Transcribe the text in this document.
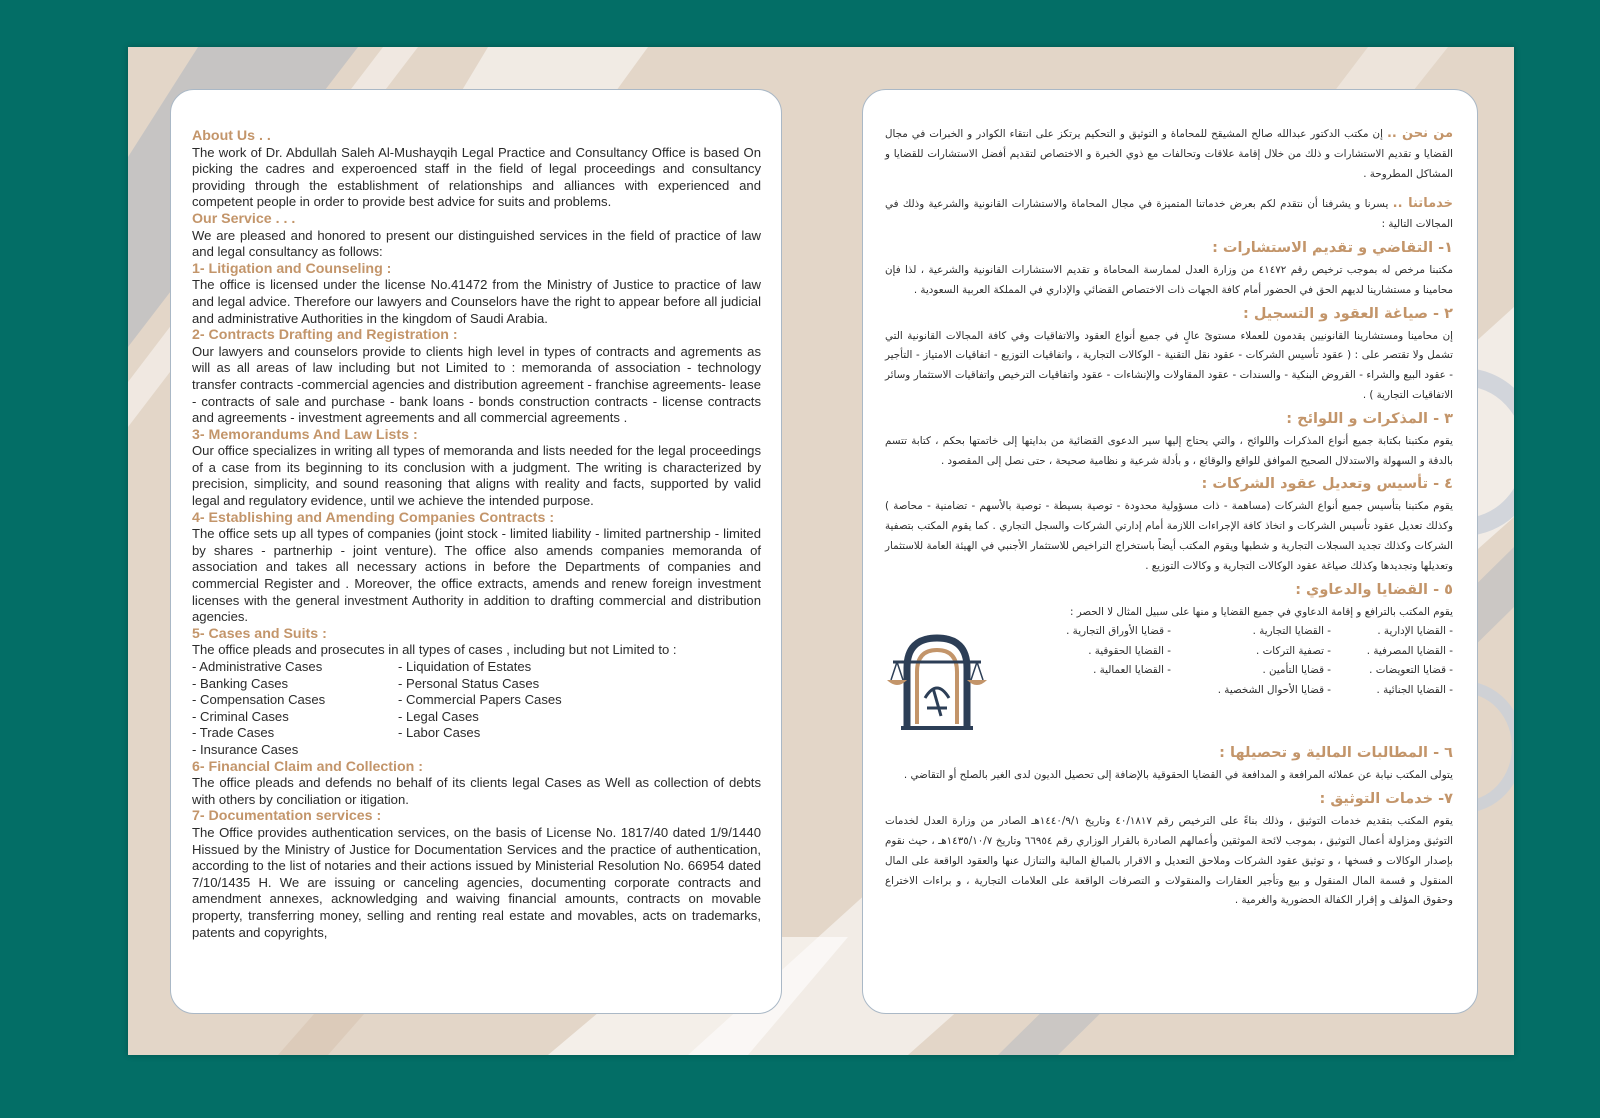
About Us . .
The work of Dr. Abdullah Saleh Al-Mushayqih Legal Practice and Consultancy Office is based On picking the cadres and experoenced staff in the field of legal proceedings and consultancy providing through the establishment of relationships and alliances with experienced and competent people in order to provide best advice for suits and problems.
Our Service . . .
We are pleased and honored to present our distinguished services in the field of practice of law and legal consultancy as follows:
1- Litigation and Counseling :
The office is licensed under the license No.41472 from the Ministry of Justice to practice of law and legal advice. Therefore our lawyers and Counselors have the right to appear before all judicial and administrative Authorities in the kingdom of Saudi Arabia.
2- Contracts Drafting and Registration :
Our lawyers and counselors provide to clients high level in types of contracts and agrements as will as all areas of law including but not Limited to : memoranda of association - technology transfer contracts -commercial agencies and distribution agreement - franchise agreements- lease - contracts of sale and purchase - bank loans - bonds construction contracts - license contracts and agreements - investment agreements and all commercial agreements .
3- Memorandums And Law Lists :
Our office specializes in writing all types of memoranda and lists needed for the legal proceedings of a case from its beginning to its conclusion with a judgment. The writing is characterized by precision, simplicity, and sound reasoning that aligns with reality and facts, supported by valid legal and regulatory evidence, until we achieve the intended purpose.
4- Establishing and Amending Companies Contracts :
The office sets up all types of companies (joint stock - limited liability - limited partnership - limited by shares - partnerhip - joint venture). The office also amends companies memoranda of association and takes all necessary actions in before the Departments of companies and commercial Register and . Moreover, the office extracts, amends and renew foreign investment licenses with the general investment Authority in addition to drafting commercial and distribution agencies.
5- Cases and Suits :
The office pleads and prosecutes in all types of cases , including but not Limited to :
- Administrative Cases
- Banking Cases
- Compensation Cases
- Criminal Cases
- Trade Cases
- Insurance Cases
- Liquidation of Estates
- Personal Status Cases
- Commercial Papers Cases
- Legal Cases
- Labor Cases
6- Financial Claim and Collection :
The office pleads and defends no behalf of its clients legal Cases as Well as collection of debts with others by conciliation or itigation.
7- Documentation services :
The Office provides authentication services, on the basis of License No. 1817/40 dated 1/9/1440 Hissued by the Ministry of Justice for Documentation Services and the practice of authentication, according to the list of notaries and their actions issued by Ministerial Resolution No. 66954 dated 7/10/1435 H. We are issuing or canceling agencies, documenting corporate contracts and amendment annexes, acknowledging and waiving financial amounts, contracts on movable property, transferring money, selling and renting real estate and movables, acts on trademarks, patents and copyrights,
من نحن .. إن مكتب الدكتور عبدالله صالح المشيقح للمحاماة و التوثيق و التحكيم يرتكز على انتقاء الكوادر و الخبرات في مجال القضايا و تقديم الاستشارات و ذلك من خلال إقامة علاقات وتحالفات مع ذوي الخبرة و الاختصاص لتقديم أفضل الاستشارات للقضايا و المشاكل المطروحة .
خدماتنا .. يسرنا و يشرفنا أن نتقدم لكم بعرض خدماتنا المتميزة في مجال المحاماة والاستشارات القانونية والشرعية وذلك في المجالات التالية :
١- التقاضي و تقديم الاستشارات :
مكتبنا مرخص له بموجب ترخيص رقم ٤١٤٧٢ من وزارة العدل لممارسة المحاماة و تقديم الاستشارات القانونية والشرعية ، لذا فإن محامينا و مستشارينا لديهم الحق في الحضور أمام كافة الجهات ذات الاختصاص القضائي والإداري في المملكة العربية السعودية .
٢ - صياغة العقود و التسجيل :
إن محامينا ومستشارينا القانونيين يقدمون للعملاء مستوىً عالٍ في جميع أنواع العقود والاتفاقيات وفي كافة المجالات القانونية التي تشمل ولا تقتصر على : ( عقود تأسيس الشركات - عقود نقل التقنية - الوكالات التجارية ، واتفاقيات التوزيع - اتفاقيات الامتياز - التأجير - عقود البيع والشراء - القروض البنكية - والسندات - عقود المقاولات والإنشاءات - عقود واتفاقيات الترخيص واتفاقيات الاستثمار وسائر الاتفاقيات التجارية ) .
٣ - المذكرات و اللوائح :
يقوم مكتبنا بكتابة جميع أنواع المذكرات واللوائح ، والتي يحتاج إليها سير الدعوى القضائية من بدايتها إلى خاتمتها بحكم ، كتابة تتسم بالدقة و السهولة والاستدلال الصحيح الموافق للواقع والوقائع ، و بأدلة شرعية و نظامية صحيحة ، حتى نصل إلى المقصود .
٤ - تأسيس وتعديل عقود الشركات :
يقوم مكتبنا بتأسيس جميع أنواع الشركات (مساهمة - ذات مسؤولية محدودة - توصية بسيطة - توصية بالأسهم - تضامنية - محاصة ) وكذلك تعديل عقود تأسيس الشركات و اتخاذ كافة الإجراءات اللازمة أمام إدارتي الشركات والسجل التجاري . كما يقوم المكتب بتصفية الشركات وكذلك تجديد السجلات التجارية و شطبها ويقوم المكتب أيضاً باستخراج التراخيص للاستثمار الأجنبي في الهيئة العامة للاستثمار وتعديلها وتجديدها وكذلك صياغة عقود الوكالات التجارية و وكالات التوزيع .
٥ - القضايا والدعاوي :
يقوم المكتب بالترافع و إقامة الدعاوي في جميع القضايا و منها على سبيل المثال لا الحصر :
- القضايا الإدارية .
- القضايا التجارية .
- قضايا الأوراق التجارية .
- القضايا المصرفية .
- تصفية التركات .
- القضايا الحقوقية .
- قضايا التعويضات .
- قضايا التأمين .
- القضايا العمالية .
- القضايا الجنائية .
- قضايا الأحوال الشخصية .
٦ - المطالبات المالية و تحصيلها :
يتولى المكتب نيابة عن عملائه المرافعة و المدافعة في القضايا الحقوقية بالإضافة إلى تحصيل الديون لدى الغير بالصلح أو التقاضي .
٧- خدمات التوثيق :
يقوم المكتب بتقديم خدمات التوثيق ، وذلك بناءً على الترخيص رقم ٤٠/١٨١٧ وتاريخ ١٤٤٠/٩/١هـ الصادر من وزارة العدل لخدمات التوثيق ومزاولة أعمال التوثيق ، بموجب لائحة الموثقين وأعمالهم الصادرة بالقرار الوزاري رقم ٦٦٩٥٤ وتاريخ ١٤٣٥/١٠/٧هـ ، حيث نقوم بإصدار الوكالات و فسخها ، و توثيق عقود الشركات وملاحق التعديل و الاقرار بالمبالغ المالية والتنازل عنها والعقود الواقعة على المال المنقول و قسمة المال المنقول و بيع وتأجير العقارات والمنقولات و التصرفات الواقعة على العلامات التجارية ، و براءات الاختراع وحقوق المؤلف و إقرار الكفالة الحضورية والغرمية .
